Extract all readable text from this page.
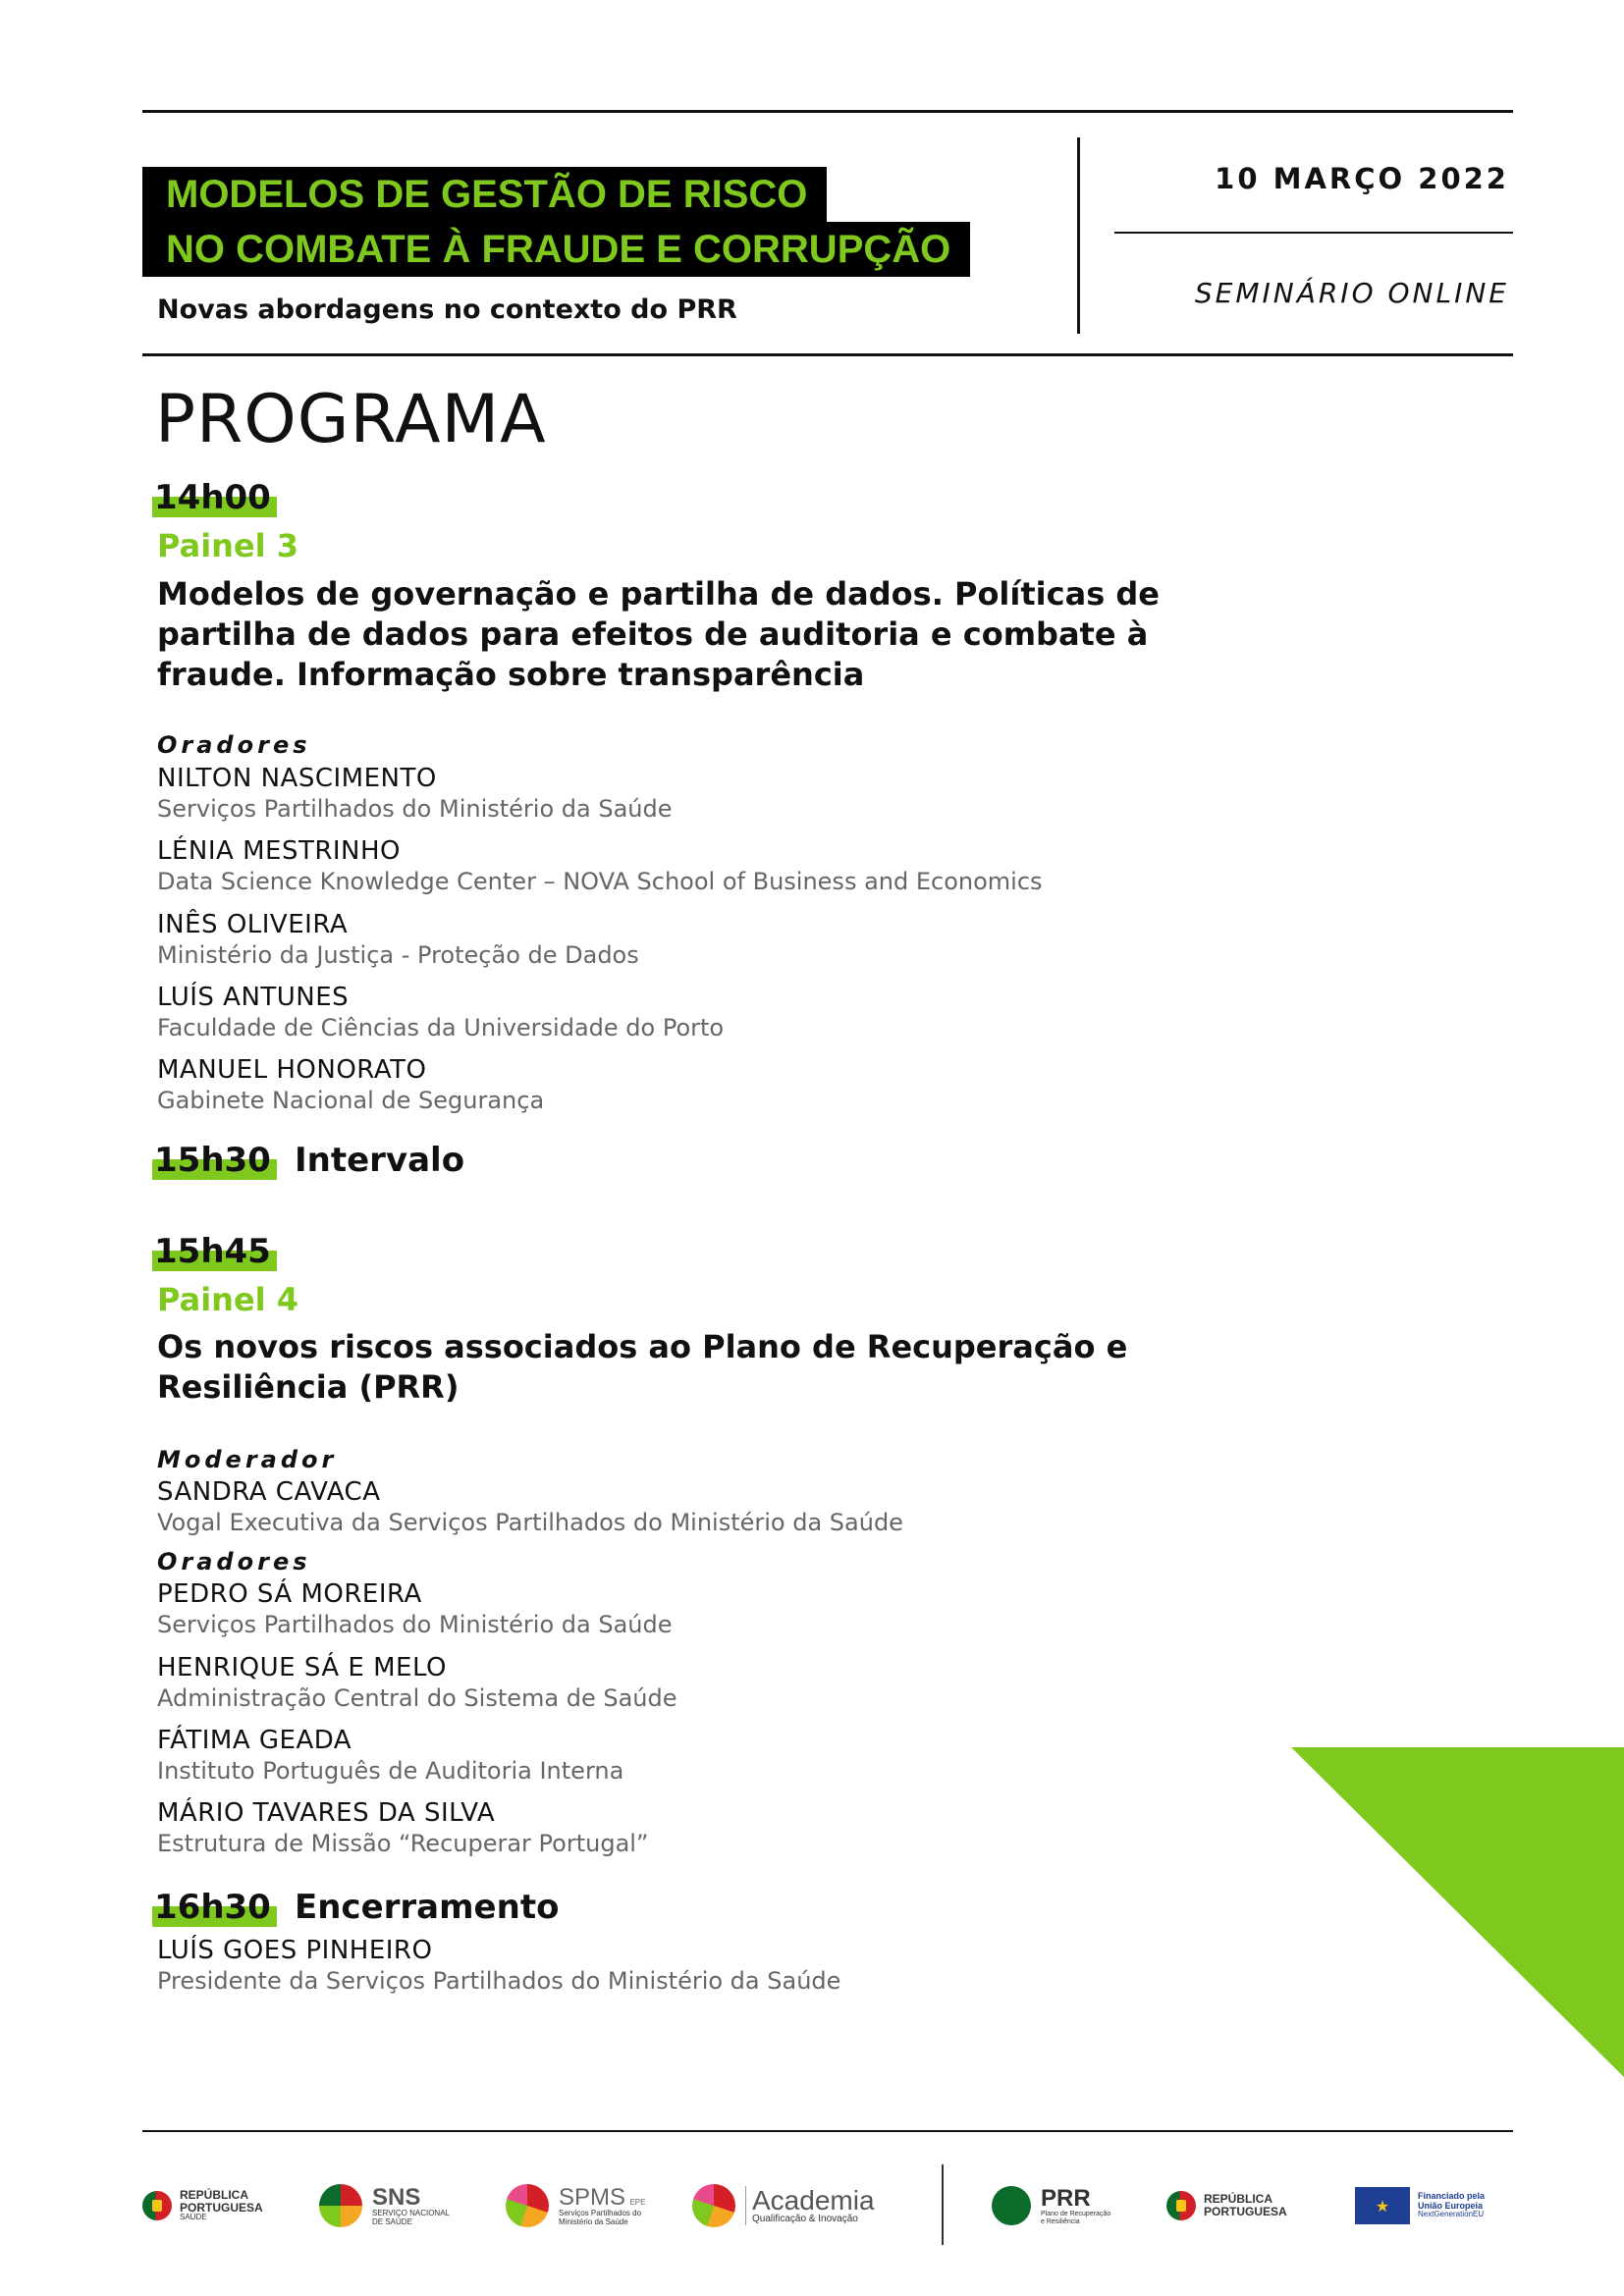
MODELOS DE GESTÃO DE RISCO
NO COMBATE À FRAUDE E CORRUPÇÃO
Novas abordagens no contexto do PRR
10 MARÇO 2022
SEMINÁRIO ONLINE
PROGRAMA
14h00
Painel 3
Modelos de governação e partilha de dados. Políticas de partilha de dados para efeitos de auditoria e combate à fraude. Informação sobre transparência
Oradores
NILTON NASCIMENTO
Serviços Partilhados do Ministério da Saúde
LÉNIA MESTRINHO
Data Science Knowledge Center – NOVA School of Business and Economics
INÊS OLIVEIRA
Ministério da Justiça - Proteção de Dados
LUÍS ANTUNES
Faculdade de Ciências da Universidade do Porto
MANUEL HONORATO
Gabinete Nacional de Segurança
15h30 Intervalo
15h45
Painel 4
Os novos riscos associados ao Plano de Recuperação e Resiliência (PRR)
Moderador
SANDRA CAVACA
Vogal Executiva da Serviços Partilhados do Ministério da Saúde
Oradores
PEDRO SÁ MOREIRA
Serviços Partilhados do Ministério da Saúde
HENRIQUE SÁ E MELO
Administração Central do Sistema de Saúde
FÁTIMA GEADA
Instituto Português de Auditoria Interna
MÁRIO TAVARES DA SILVA
Estrutura de Missão “Recuperar Portugal”
16h30 Encerramento
LUÍS GOES PINHEIRO
Presidente da Serviços Partilhados do Ministério da Saúde
REPÚBLICA
PORTUGUESA
SAÚDE
SNS
SERVIÇO NACIONAL
DE SAÚDE
SPMS EPE
Serviços Partilhados do
Ministério da Saúde
Academia
Qualificação & Inovação
PRR
Plano de Recuperação
e Resiliência
REPÚBLICA
PORTUGUESA	★
Financiado pela
União Europeia
NextGenerationEU
